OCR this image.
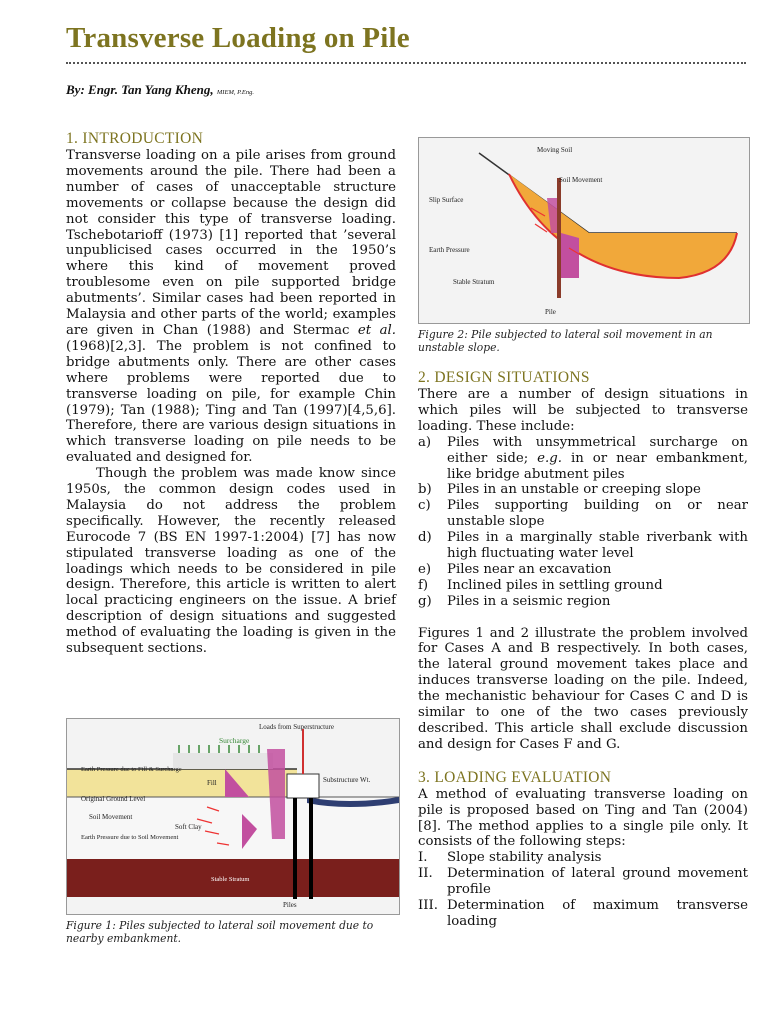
Transverse Loading on Pile
By: Engr. Tan Yang Kheng, MIEM, P.Eng.

1. INTRODUCTION

Transverse loading on a pile arises from ground movements around the pile. There had been a number of cases of unacceptable structure movements or collapse because the design did not consider this type of transverse loading. Tschebotarioff (1973) [1] reported that ’several unpublicised cases occurred in the 1950’s where this kind of movement proved troublesome even on pile supported bridge abutments’. Similar cases had been reported in Malaysia and other parts of the world; examples are given in Chan (1988) and Stermac et al. (1968)[2,3]. The problem is not confined to bridge abutments only. There are other cases where problems were reported due to transverse loading on pile, for example Chin (1979); Tan (1988); Ting and Tan (1997)[4,5,6]. Therefore, there are various design situations in which transverse loading on pile needs to be evaluated and designed for.

Though the problem was made know since 1950s, the common design codes used in Malaysia do not address the problem specifically. However, the recently released Eurocode 7 (BS EN 1997-1:2004) [7] has now stipulated transverse loading as one of the loadings which needs to be considered in pile design. Therefore, this article is written to alert local practicing engineers on the issue. A brief description of design situations and suggested method of evaluating the loading is given in the subsequent sections.

Loads from Superstructure
Surcharge
Earth Pressure due to Fill & Surcharge
Fill	Substructure Wt.
Original Ground Level
Soil Movement
Soft Clay
Earth Pressure due to Soil Movement
Stable Stratum
Piles
Figure 1: Piles subjected to lateral soil movement due to nearby embankment.
Moving Soil
Soil Movement
Slip Surface
Earth Pressure
Stable Stratum
Pile
Figure 2: Pile subjected to lateral soil movement in an unstable slope.

2. DESIGN SITUATIONS

There are a number of design situations in which piles will be subjected to transverse loading. These include:

a) Piles with unsymmetrical surcharge on either side; e.g. in or near embankment, like bridge abutment piles
b) Piles in an unstable or creeping slope
c) Piles supporting building on or near unstable slope
d) Piles in a marginally stable riverbank with high fluctuating water level
e) Piles near an excavation
f) Inclined piles in settling ground
g) Piles in a seismic region

Figures 1 and 2 illustrate the problem involved for Cases A and B respectively. In both cases, the lateral ground movement takes place and induces transverse loading on the pile. Indeed, the mechanistic behaviour for Cases C and D is similar to one of the two cases previously described. This article shall exclude discussion and design for Cases F and G.

3. LOADING EVALUATION

A method of evaluating transverse loading on pile is proposed based on Ting and Tan (2004)[8]. The method applies to a single pile only. It consists of the following steps:

I. Slope stability analysis
II. Determination of lateral ground movement profile
III. Determination of maximum transverse loading
